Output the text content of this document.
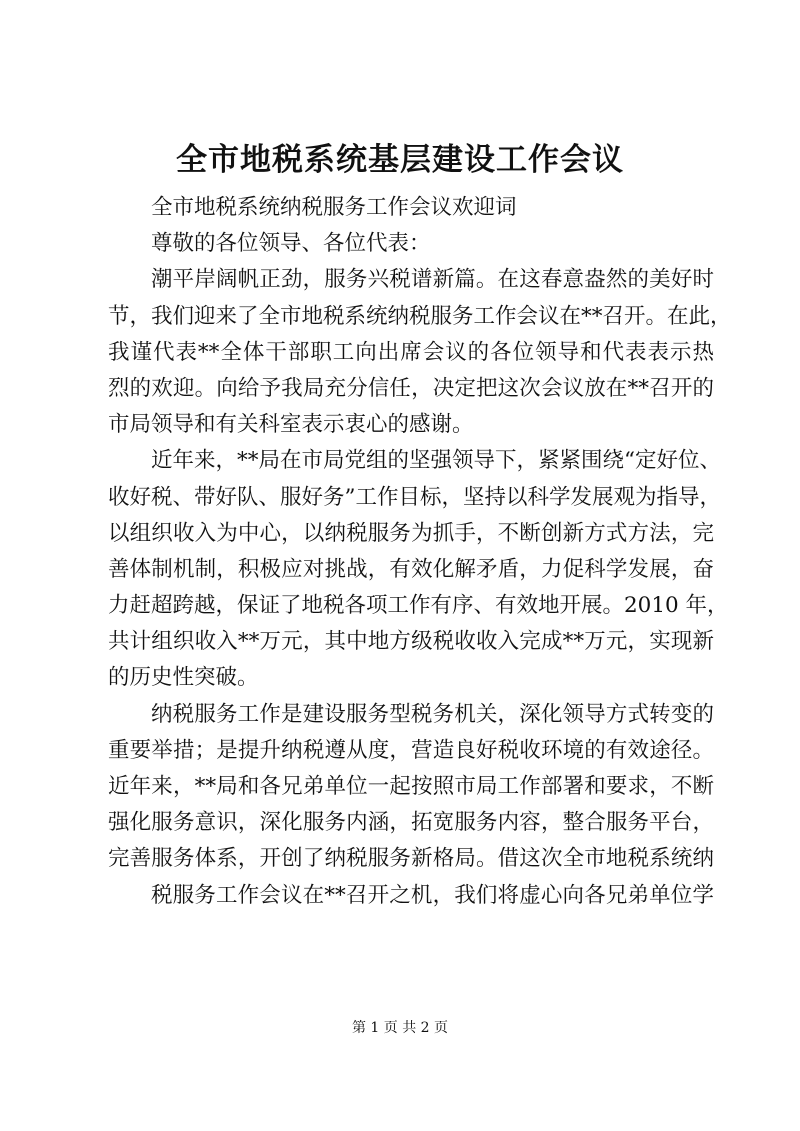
全市地税系统基层建设工作会议
全市地税系统纳税服务工作会议欢迎词
尊敬的各位领导、各位代表：
潮平岸阔帆正劲，服务兴税谱新篇。在这春意盎然的美好时
节，我们迎来了全市地税系统纳税服务工作会议在**召开。在此，
我谨代表**全体干部职工向出席会议的各位领导和代表表示热
烈的欢迎。向给予我局充分信任，决定把这次会议放在**召开的
市局领导和有关科室表示衷心的感谢。
近年来，**局在市局党组的坚强领导下，紧紧围绕“定好位、
收好税、带好队、服好务”工作目标，坚持以科学发展观为指导，
以组织收入为中心，以纳税服务为抓手，不断创新方式方法，完
善体制机制，积极应对挑战，有效化解矛盾，力促科学发展，奋
力赶超跨越，保证了地税各项工作有序、有效地开展。2010 年，
共计组织收入**万元，其中地方级税收收入完成**万元，实现新
的历史性突破。
纳税服务工作是建设服务型税务机关，深化领导方式转变的
重要举措；是提升纳税遵从度，营造良好税收环境的有效途径。
近年来，**局和各兄弟单位一起按照市局工作部署和要求，不断
强化服务意识，深化服务内涵，拓宽服务内容，整合服务平台，
完善服务体系，开创了纳税服务新格局。借这次全市地税系统纳
税服务工作会议在**召开之机，我们将虚心向各兄弟单位学
第 1 页 共 2 页
